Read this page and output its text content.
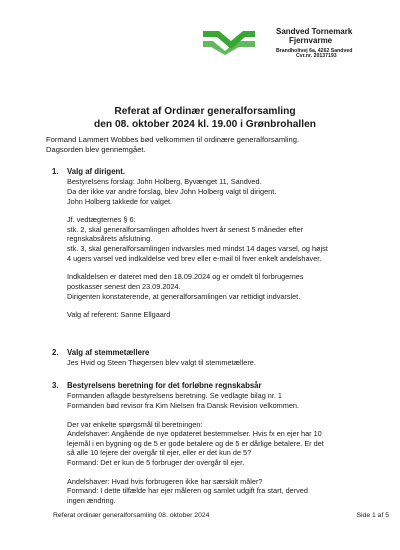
Sandved Tornemark
Fjernvarme
Brandholtvej 6a, 4262 Sandved
Cvr.nr. 20137193
Referat af Ordinær generalforsamling
den 08. oktober 2024 kl. 19.00 i Grønbrohallen
Formand Lammert Wobbes bød velkommen til ordinære generalforsamling.
Dagsorden blev gennemgået.
1.	Valg af dirigent.

Bestyrelsens forslag: John Holberg, Byvænget 11, Sandved.

Da der ikke var andre forslag, blev John Holberg valgt til dirigent.

John Holberg takkede for valget.

Jf. vedtægternes § 6:

stk. 2, skal generalforsamlingen afholdes hvert år senest 5 måneder efter

regnskabsårets afslutning.

stk. 3, skal generalforsamlingen indvarsles med mindst 14 dages varsel, og højst

4 ugers varsel ved indkaldelse ved brev eller e-mail til hver enkelt andelshaver.

Indkaldelsen er dateret med den 18.09.2024 og er omdelt til forbrugernes

postkasser senest den 23.09.2024.

Dirigenten konstaterende, at generalforsamlingen var rettidigt indvarslet.

Valg af referent: Sanne Ellgaard

2.	Valg af stemmetællere

Jes Hvid og Steen Thøgersen blev valgt til stemmetællere.

3.	Bestyrelsens beretning for det forløbne regnskabsår

Formanden aflagde bestyrelsens beretning. Se vedlagte bilag nr. 1

Formanden bød revisor fra Kim Nielsen fra Dansk Revision velkommen.

Der var enkelte spørgsmål til beretningen:

Andelshaver: Angående de nye opdateret bestemmelser. Hvis fx en ejer har 10

lejemål i en bygning og de 5 er gode betalere og de 5 er dårlige betalere. Er det

så alle 10 lejere der overgår til ejer, eller er det kun de 5?

Formand: Det er kun de 5 forbruger der overgår til ejer.

Andelshaver: Hvad hvis forbrugeren ikke har særskilt måler?

Formand: I dette tilfælde har ejer måleren og samlet udgift fra start, derved

ingen ændring.

Referat ordinær generalforsamling 08. oktober 2024	Side 1 af 5
